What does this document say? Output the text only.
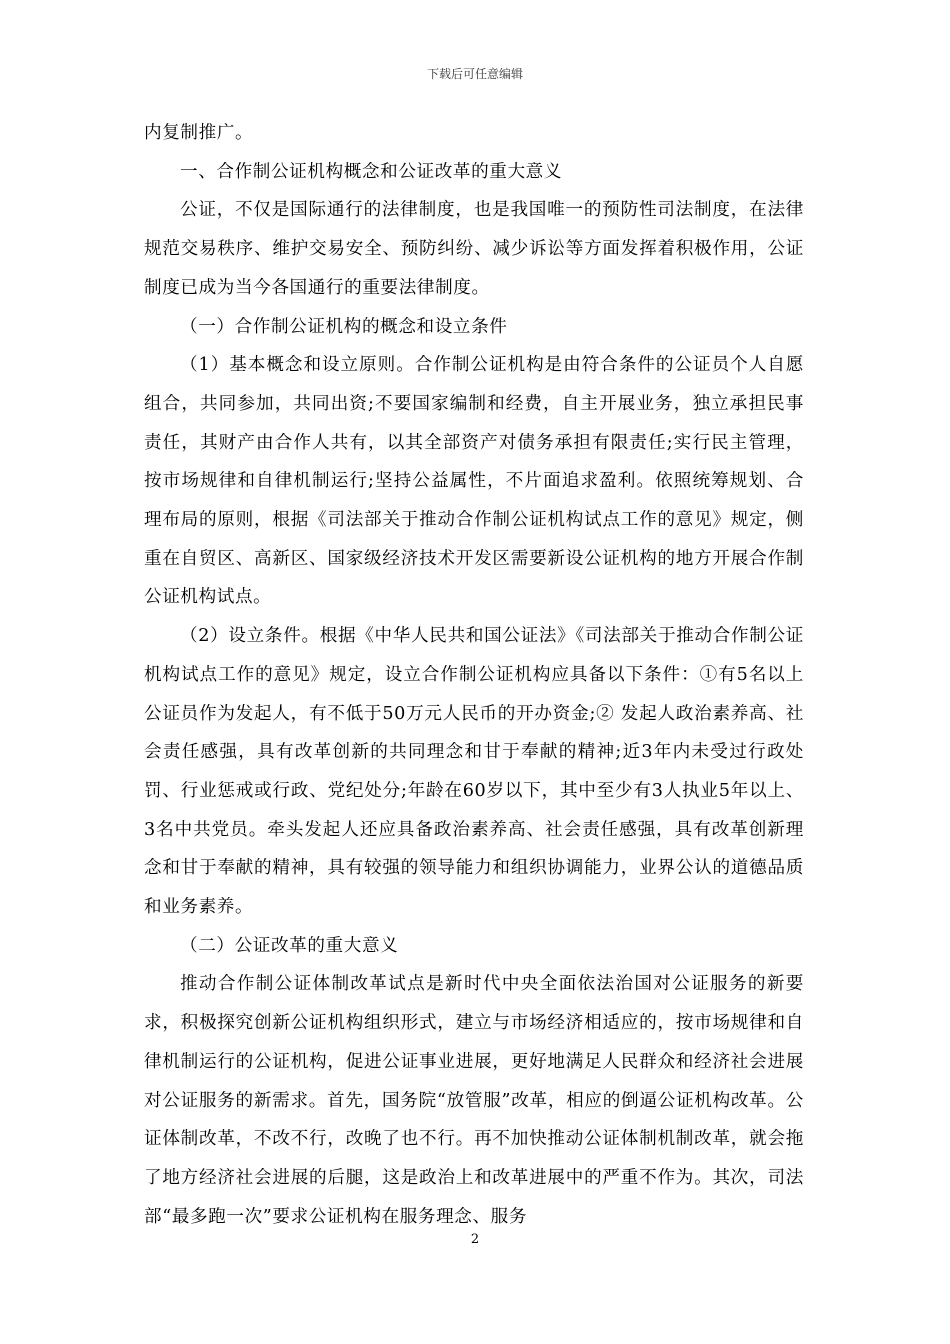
下载后可任意编辑

内复制推广。

一、合作制公证机构概念和公证改革的重大意义

公证，不仅是国际通行的法律制度，也是我国唯一的预防性司法制度，在法律规范交易秩序、维护交易安全、预防纠纷、减少诉讼等方面发挥着积极作用，公证制度已成为当今各国通行的重要法律制度。

（一）合作制公证机构的概念和设立条件

（1）基本概念和设立原则。合作制公证机构是由符合条件的公证员个人自愿组合，共同参加，共同出资;不要国家编制和经费，自主开展业务，独立承担民事责任，其财产由合作人共有，以其全部资产对债务承担有限责任;实行民主管理，按市场规律和自律机制运行;坚持公益属性，不片面追求盈利。依照统筹规划、合理布局的原则，根据《司法部关于推动合作制公证机构试点工作的意见》规定，侧重在自贸区、高新区、国家级经济技术开发区需要新设公证机构的地方开展合作制公证机构试点。

（2）设立条件。根据《中华人民共和国公证法》《司法部关于推动合作制公证机构试点工作的意见》规定，设立合作制公证机构应具备以下条件：①有5名以上公证员作为发起人，有不低于50万元人民币的开办资金;② 发起人政治素养高、社会责任感强，具有改革创新的共同理念和甘于奉献的精神;近3年内未受过行政处罚、行业惩戒或行政、党纪处分;年龄在60岁以下，其中至少有3人执业5年以上、3名中共党员。牵头发起人还应具备政治素养高、社会责任感强，具有改革创新理念和甘于奉献的精神，具有较强的领导能力和组织协调能力，业界公认的道德品质和业务素养。

（二）公证改革的重大意义

推动合作制公证体制改革试点是新时代中央全面依法治国对公证服务的新要求，积极探究创新公证机构组织形式，建立与市场经济相适应的，按市场规律和自律机制运行的公证机构，促进公证事业进展，更好地满足人民群众和经济社会进展对公证服务的新需求。首先，国务院“放管服”改革，相应的倒逼公证机构改革。公证体制改革，不改不行，改晚了也不行。再不加快推动公证体制机制改革，就会拖了地方经济社会进展的后腿，这是政治上和改革进展中的严重不作为。其次，司法部“最多跑一次”要求公证机构在服务理念、服务

2
